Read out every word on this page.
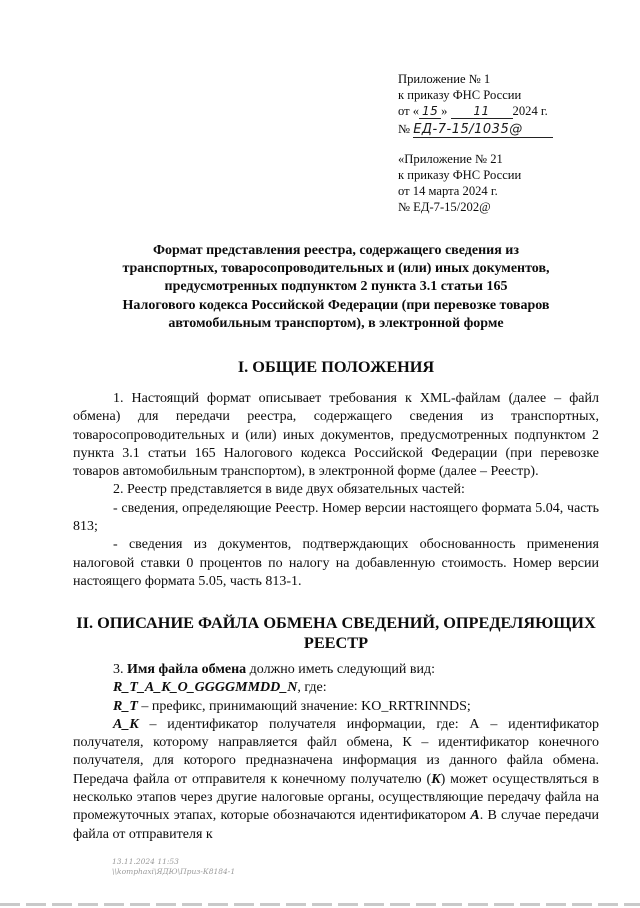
Приложение № 1
к приказу ФНС России
от « 15 » 11 2024 г.
№ ЕД-7-15/1035@
«Приложение № 21
к приказу ФНС России
от 14 марта 2024 г.
№ ЕД-7-15/202@
Формат представления реестра, содержащего сведения из
транспортных, товаросопроводительных и (или) иных документов,
предусмотренных подпунктом 2 пункта 3.1 статьи 165
Налогового кодекса Российской Федерации (при перевозке товаров
автомобильным транспортом), в электронной форме
I. ОБЩИЕ ПОЛОЖЕНИЯ

1. Настоящий формат описывает требования к XML-файлам (далее – файл обмена) для передачи реестра, содержащего сведения из транспортных, товаросопроводительных и (или) иных документов, предусмотренных подпунктом 2 пункта 3.1 статьи 165 Налогового кодекса Российской Федерации (при перевозке товаров автомобильным транспортом), в электронной форме (далее – Реестр).

2. Реестр представляется в виде двух обязательных частей:

- сведения, определяющие Реестр. Номер версии настоящего формата 5.04, часть 813;

- сведения из документов, подтверждающих обоснованность применения налоговой ставки 0 процентов по налогу на добавленную стоимость. Номер версии настоящего формата 5.05, часть 813-1.

II. ОПИСАНИЕ ФАЙЛА ОБМЕНА СВЕДЕНИЙ, ОПРЕДЕЛЯЮЩИХ
РЕЕСТР

3. Имя файла обмена должно иметь следующий вид:

R_T_A_K_O_GGGGMMDD_N, где:

R_T – префикс, принимающий значение: KO_RRTRINNDS;

A_K – идентификатор получателя информации, где: А – идентификатор получателя, которому направляется файл обмена, К – идентификатор конечного получателя, для которого предназначена информация из данного файла обмена. Передача файла от отправителя к конечному получателю (K) может осуществляться в несколько этапов через другие налоговые органы, осуществляющие передачу файла на промежуточных этапах, которые обозначаются идентификатором А. В случае передачи файла от отправителя к

13.11.2024 11:53
\\komphaxi\ЯДЮ\Приз-К8184-1
